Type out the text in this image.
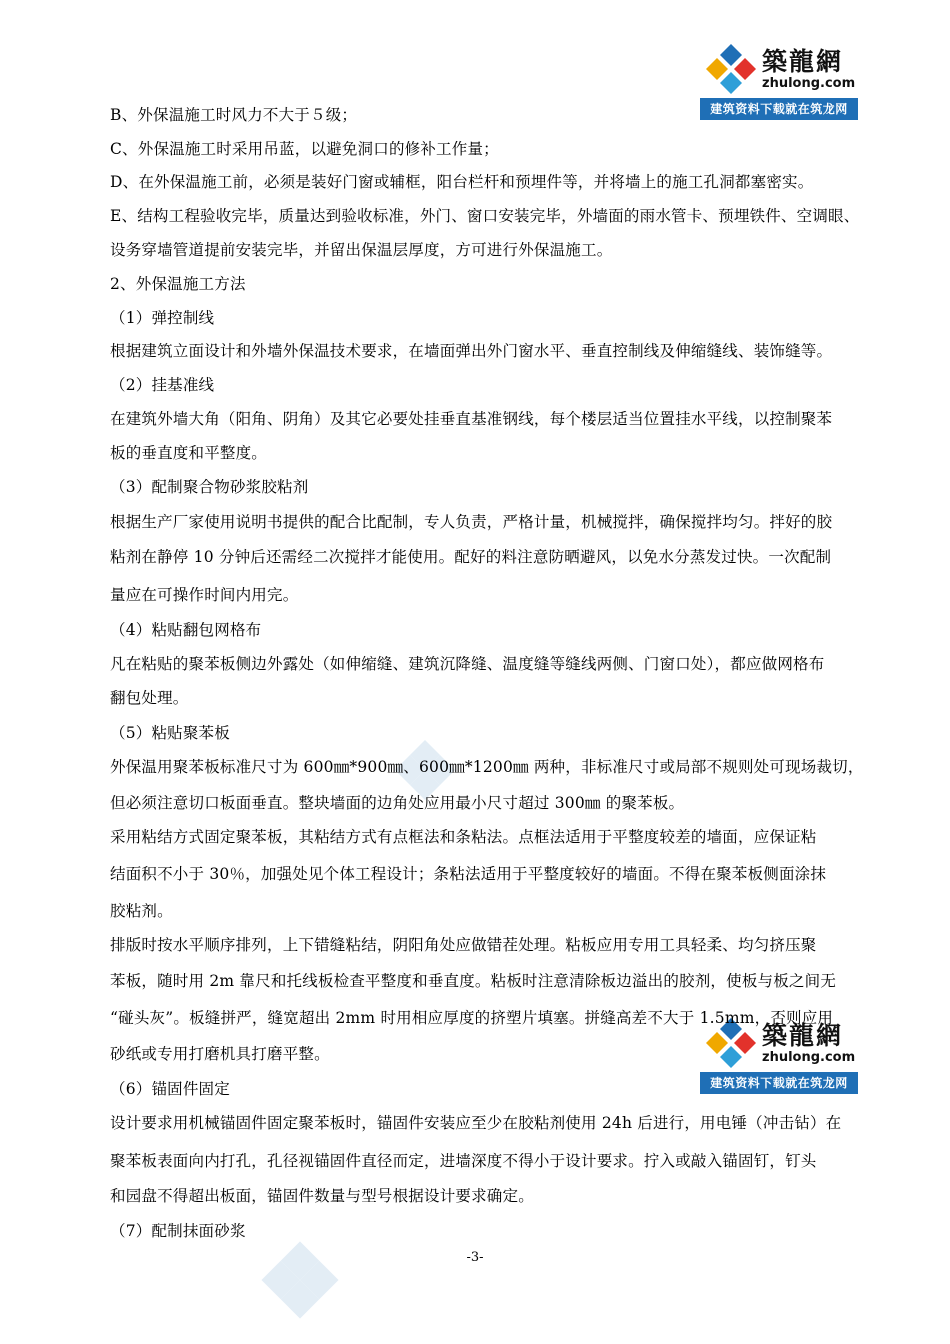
築龍網
zhulong.com
建筑资料下载就在筑龙网
築龍網
zhulong.com
建筑资料下载就在筑龙网
B、外保温施工时风力不大于５级；
C、外保温施工时采用吊蓝，以避免洞口的修补工作量；
D、在外保温施工前，必须是装好门窗或辅框，阳台栏杆和预埋件等，并将墙上的施工孔洞都塞密实。
E、结构工程验收完毕，质量达到验收标准，外门、窗口安装完毕，外墙面的雨水管卡、预埋铁件、空调眼、
设务穿墙管道提前安装完毕，并留出保温层厚度，方可进行外保温施工。
2、外保温施工方法
（1）弹控制线
根据建筑立面设计和外墙外保温技术要求，在墙面弹出外门窗水平、垂直控制线及伸缩缝线、装饰缝等。
（2）挂基准线
在建筑外墙大角（阳角、阴角）及其它必要处挂垂直基准钢线，每个楼层适当位置挂水平线，以控制聚苯
板的垂直度和平整度。
（3）配制聚合物砂浆胶粘剂
根据生产厂家使用说明书提供的配合比配制，专人负责，严格计量，机械搅拌，确保搅拌均匀。拌好的胶
粘剂在静停 10 分钟后还需经二次搅拌才能使用。配好的料注意防晒避风，以免水分蒸发过快。一次配制
量应在可操作时间内用完。
（4）粘贴翻包网格布
凡在粘贴的聚苯板侧边外露处（如伸缩缝、建筑沉降缝、温度缝等缝线两侧、门窗口处），都应做网格布
翻包处理。
（5）粘贴聚苯板
外保温用聚苯板标准尺寸为 600㎜*900㎜、600㎜*1200㎜ 两种，非标准尺寸或局部不规则处可现场裁切，
但必须注意切口板面垂直。整块墙面的边角处应用最小尺寸超过 300㎜ 的聚苯板。
采用粘结方式固定聚苯板，其粘结方式有点框法和条粘法。点框法适用于平整度较差的墙面，应保证粘
结面积不小于 30％，加强处见个体工程设计；条粘法适用于平整度较好的墙面。不得在聚苯板侧面涂抹
胶粘剂。
排版时按水平顺序排列，上下错缝粘结，阴阳角处应做错茬处理。粘板应用专用工具轻柔、均匀挤压聚
苯板，随时用 2m 靠尺和托线板检查平整度和垂直度。粘板时注意清除板边溢出的胶剂，使板与板之间无
“碰头灰”。板缝拼严，缝宽超出 2mm 时用相应厚度的挤塑片填塞。拼缝高差不大于 1.5mm，否则应用
砂纸或专用打磨机具打磨平整。
（6）锚固件固定
设计要求用机械锚固件固定聚苯板时，锚固件安装应至少在胶粘剂使用 24h 后进行，用电锤（冲击钻）在
聚苯板表面向内打孔，孔径视锚固件直径而定，进墙深度不得小于设计要求。拧入或敲入锚固钉，钉头
和园盘不得超出板面，锚固件数量与型号根据设计要求确定。
（7）配制抹面砂浆
-3-
